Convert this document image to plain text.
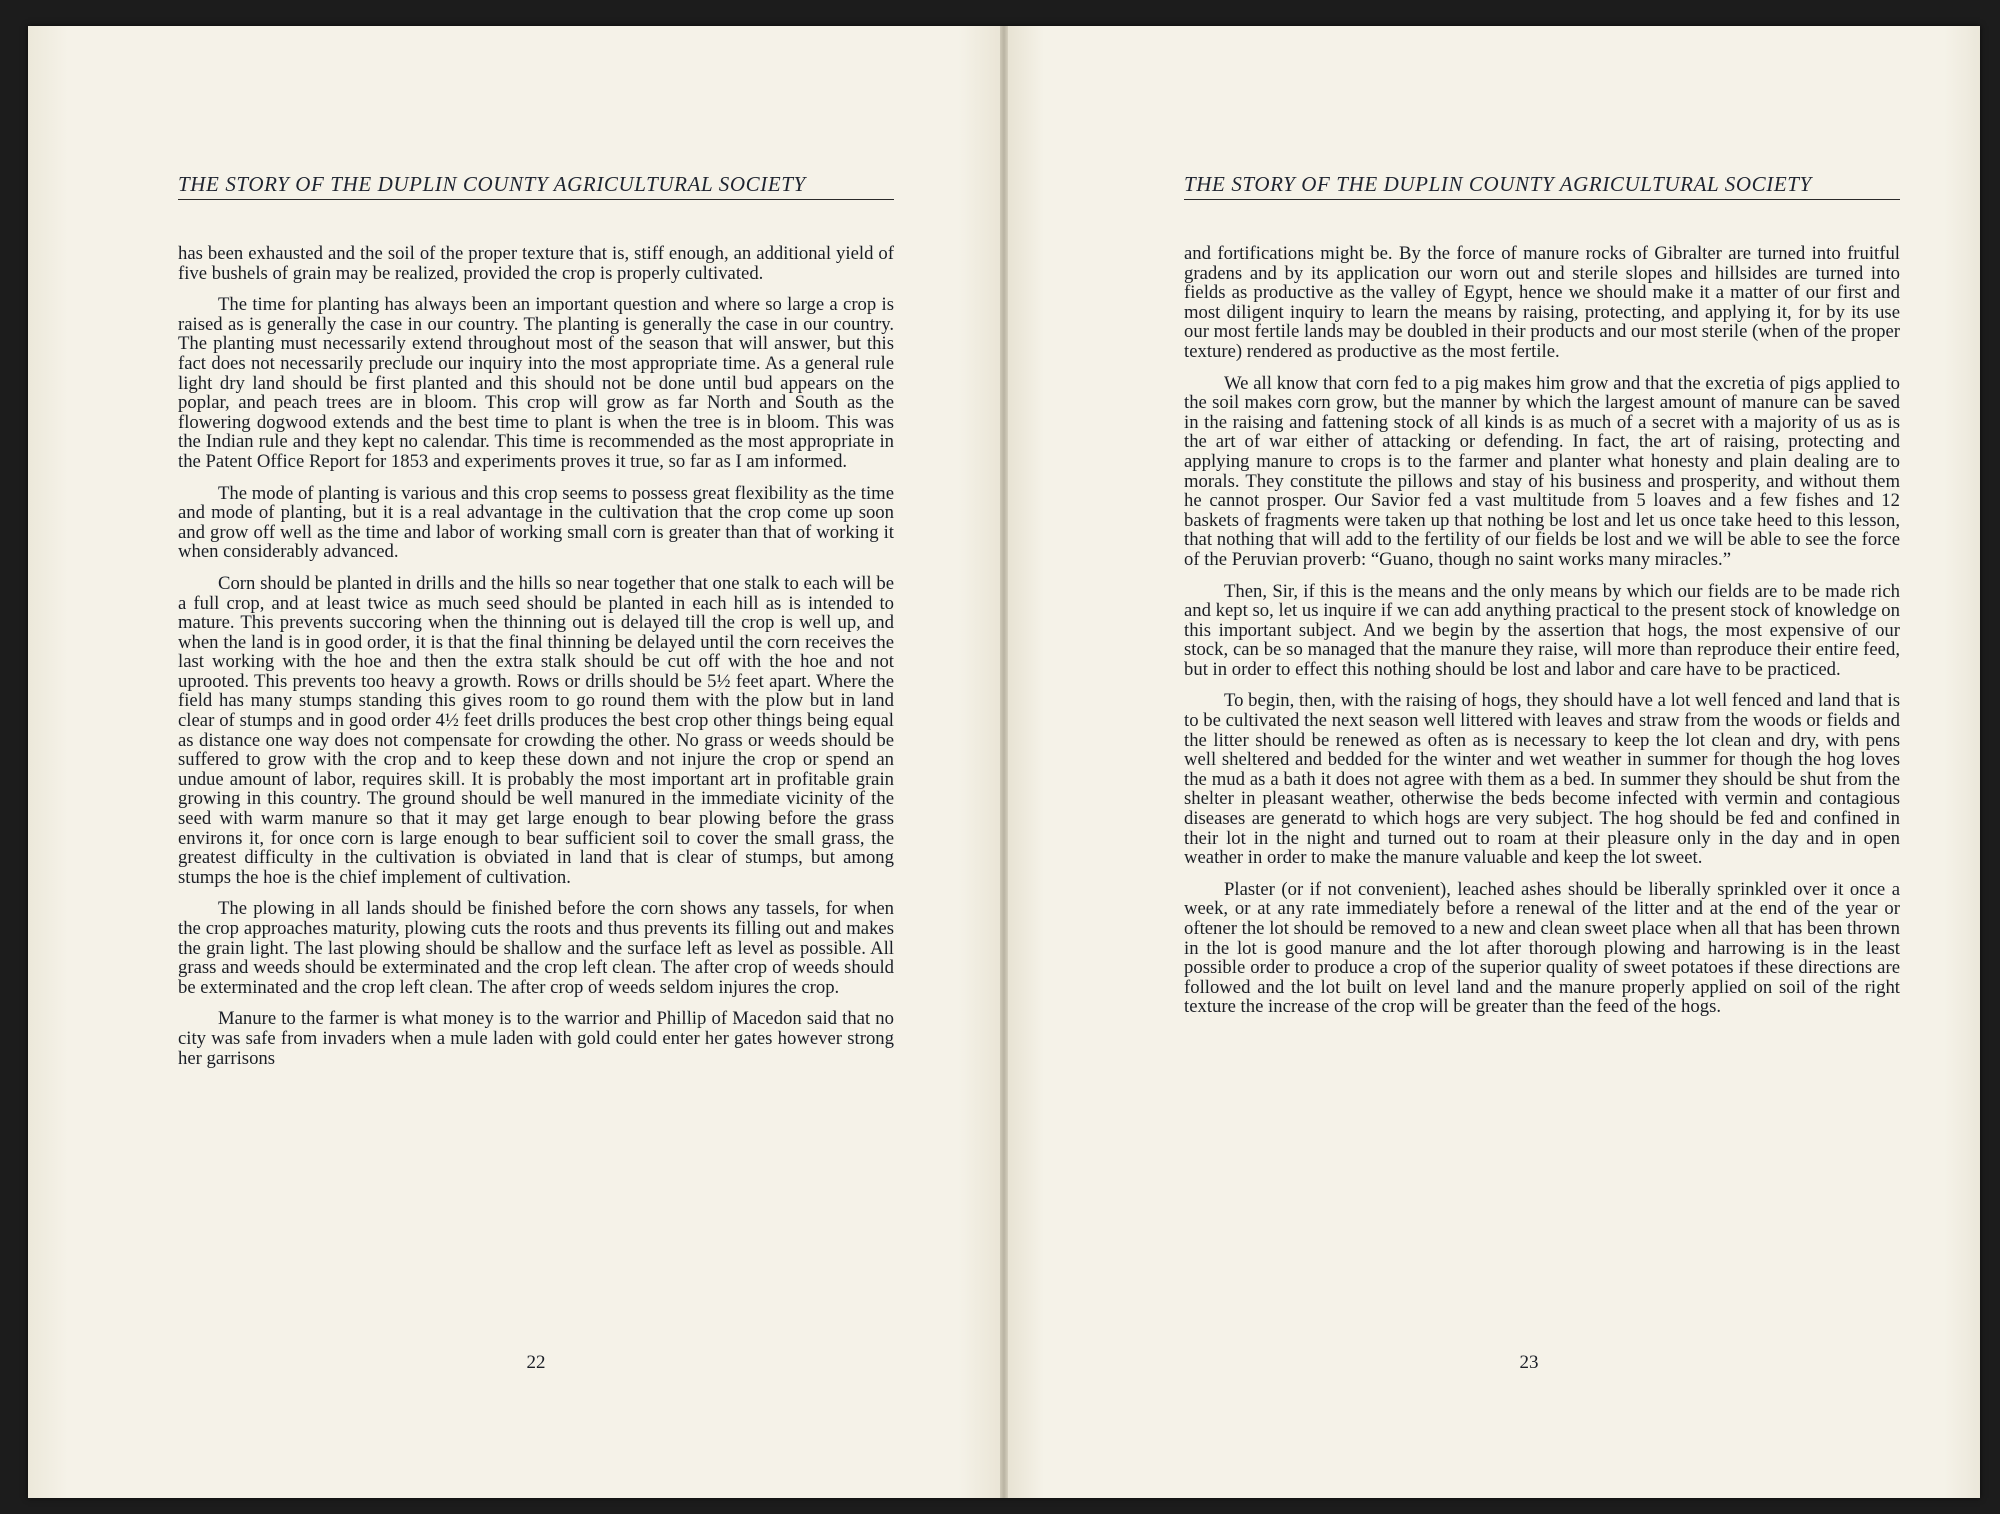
THE STORY OF THE DUPLIN COUNTY AGRICULTURAL SOCIETY

has been exhausted and the soil of the proper texture that is, stiff enough, an additional yield of five bushels of grain may be realized, provided the crop is properly cultivated.

The time for planting has always been an important question and where so large a crop is raised as is generally the case in our country. The planting is generally the case in our country. The planting must necessarily extend throughout most of the season that will answer, but this fact does not necessarily preclude our inquiry into the most appropriate time. As a general rule light dry land should be first planted and this should not be done until bud appears on the poplar, and peach trees are in bloom. This crop will grow as far North and South as the flowering dogwood extends and the best time to plant is when the tree is in bloom. This was the Indian rule and they kept no calendar. This time is recommended as the most appropriate in the Patent Office Report for 1853 and experiments proves it true, so far as I am informed.

The mode of planting is various and this crop seems to possess great flexibility as the time and mode of planting, but it is a real advantage in the cultivation that the crop come up soon and grow off well as the time and labor of working small corn is greater than that of working it when considerably advanced.

Corn should be planted in drills and the hills so near together that one stalk to each will be a full crop, and at least twice as much seed should be planted in each hill as is intended to mature. This prevents succoring when the thinning out is delayed till the crop is well up, and when the land is in good order, it is that the final thinning be delayed until the corn receives the last working with the hoe and then the extra stalk should be cut off with the hoe and not uprooted. This prevents too heavy a growth. Rows or drills should be 5½ feet apart. Where the field has many stumps standing this gives room to go round them with the plow but in land clear of stumps and in good order 4½ feet drills produces the best crop other things being equal as distance one way does not compensate for crowding the other. No grass or weeds should be suffered to grow with the crop and to keep these down and not injure the crop or spend an undue amount of labor, requires skill. It is probably the most important art in profitable grain growing in this country. The ground should be well manured in the immediate vicinity of the seed with warm manure so that it may get large enough to bear plowing before the grass environs it, for once corn is large enough to bear sufficient soil to cover the small grass, the greatest difficulty in the cultivation is obviated in land that is clear of stumps, but among stumps the hoe is the chief implement of cultivation.

The plowing in all lands should be finished before the corn shows any tassels, for when the crop approaches maturity, plowing cuts the roots and thus prevents its filling out and makes the grain light. The last plowing should be shallow and the surface left as level as possible. All grass and weeds should be exterminated and the crop left clean. The after crop of weeds should be exterminated and the crop left clean. The after crop of weeds seldom injures the crop.

Manure to the farmer is what money is to the warrior and Phillip of Macedon said that no city was safe from invaders when a mule laden with gold could enter her gates however strong her garrisons

22
THE STORY OF THE DUPLIN COUNTY AGRICULTURAL SOCIETY

and fortifications might be. By the force of manure rocks of Gibralter are turned into fruitful gradens and by its application our worn out and sterile slopes and hillsides are turned into fields as productive as the valley of Egypt, hence we should make it a matter of our first and most diligent inquiry to learn the means by raising, protecting, and applying it, for by its use our most fertile lands may be doubled in their products and our most sterile (when of the proper texture) rendered as productive as the most fertile.

We all know that corn fed to a pig makes him grow and that the excretia of pigs applied to the soil makes corn grow, but the manner by which the largest amount of manure can be saved in the raising and fattening stock of all kinds is as much of a secret with a majority of us as is the art of war either of attacking or defending. In fact, the art of raising, protecting and applying manure to crops is to the farmer and planter what honesty and plain dealing are to morals. They constitute the pillows and stay of his business and prosperity, and without them he cannot prosper. Our Savior fed a vast multitude from 5 loaves and a few fishes and 12 baskets of fragments were taken up that nothing be lost and let us once take heed to this lesson, that nothing that will add to the fertility of our fields be lost and we will be able to see the force of the Peruvian proverb: “Guano, though no saint works many miracles.”

Then, Sir, if this is the means and the only means by which our fields are to be made rich and kept so, let us inquire if we can add anything practical to the present stock of knowledge on this important subject. And we begin by the assertion that hogs, the most expensive of our stock, can be so managed that the manure they raise, will more than reproduce their entire feed, but in order to effect this nothing should be lost and labor and care have to be practiced.

To begin, then, with the raising of hogs, they should have a lot well fenced and land that is to be cultivated the next season well littered with leaves and straw from the woods or fields and the litter should be renewed as often as is necessary to keep the lot clean and dry, with pens well sheltered and bedded for the winter and wet weather in summer for though the hog loves the mud as a bath it does not agree with them as a bed. In summer they should be shut from the shelter in pleasant weather, otherwise the beds become infected with vermin and contagious diseases are generatd to which hogs are very subject. The hog should be fed and confined in their lot in the night and turned out to roam at their pleasure only in the day and in open weather in order to make the manure valuable and keep the lot sweet.

Plaster (or if not convenient), leached ashes should be liberally sprinkled over it once a week, or at any rate immediately before a renewal of the litter and at the end of the year or oftener the lot should be removed to a new and clean sweet place when all that has been thrown in the lot is good manure and the lot after thorough plowing and harrowing is in the least possible order to produce a crop of the superior quality of sweet potatoes if these directions are followed and the lot built on level land and the manure properly applied on soil of the right texture the increase of the crop will be greater than the feed of the hogs.

23
